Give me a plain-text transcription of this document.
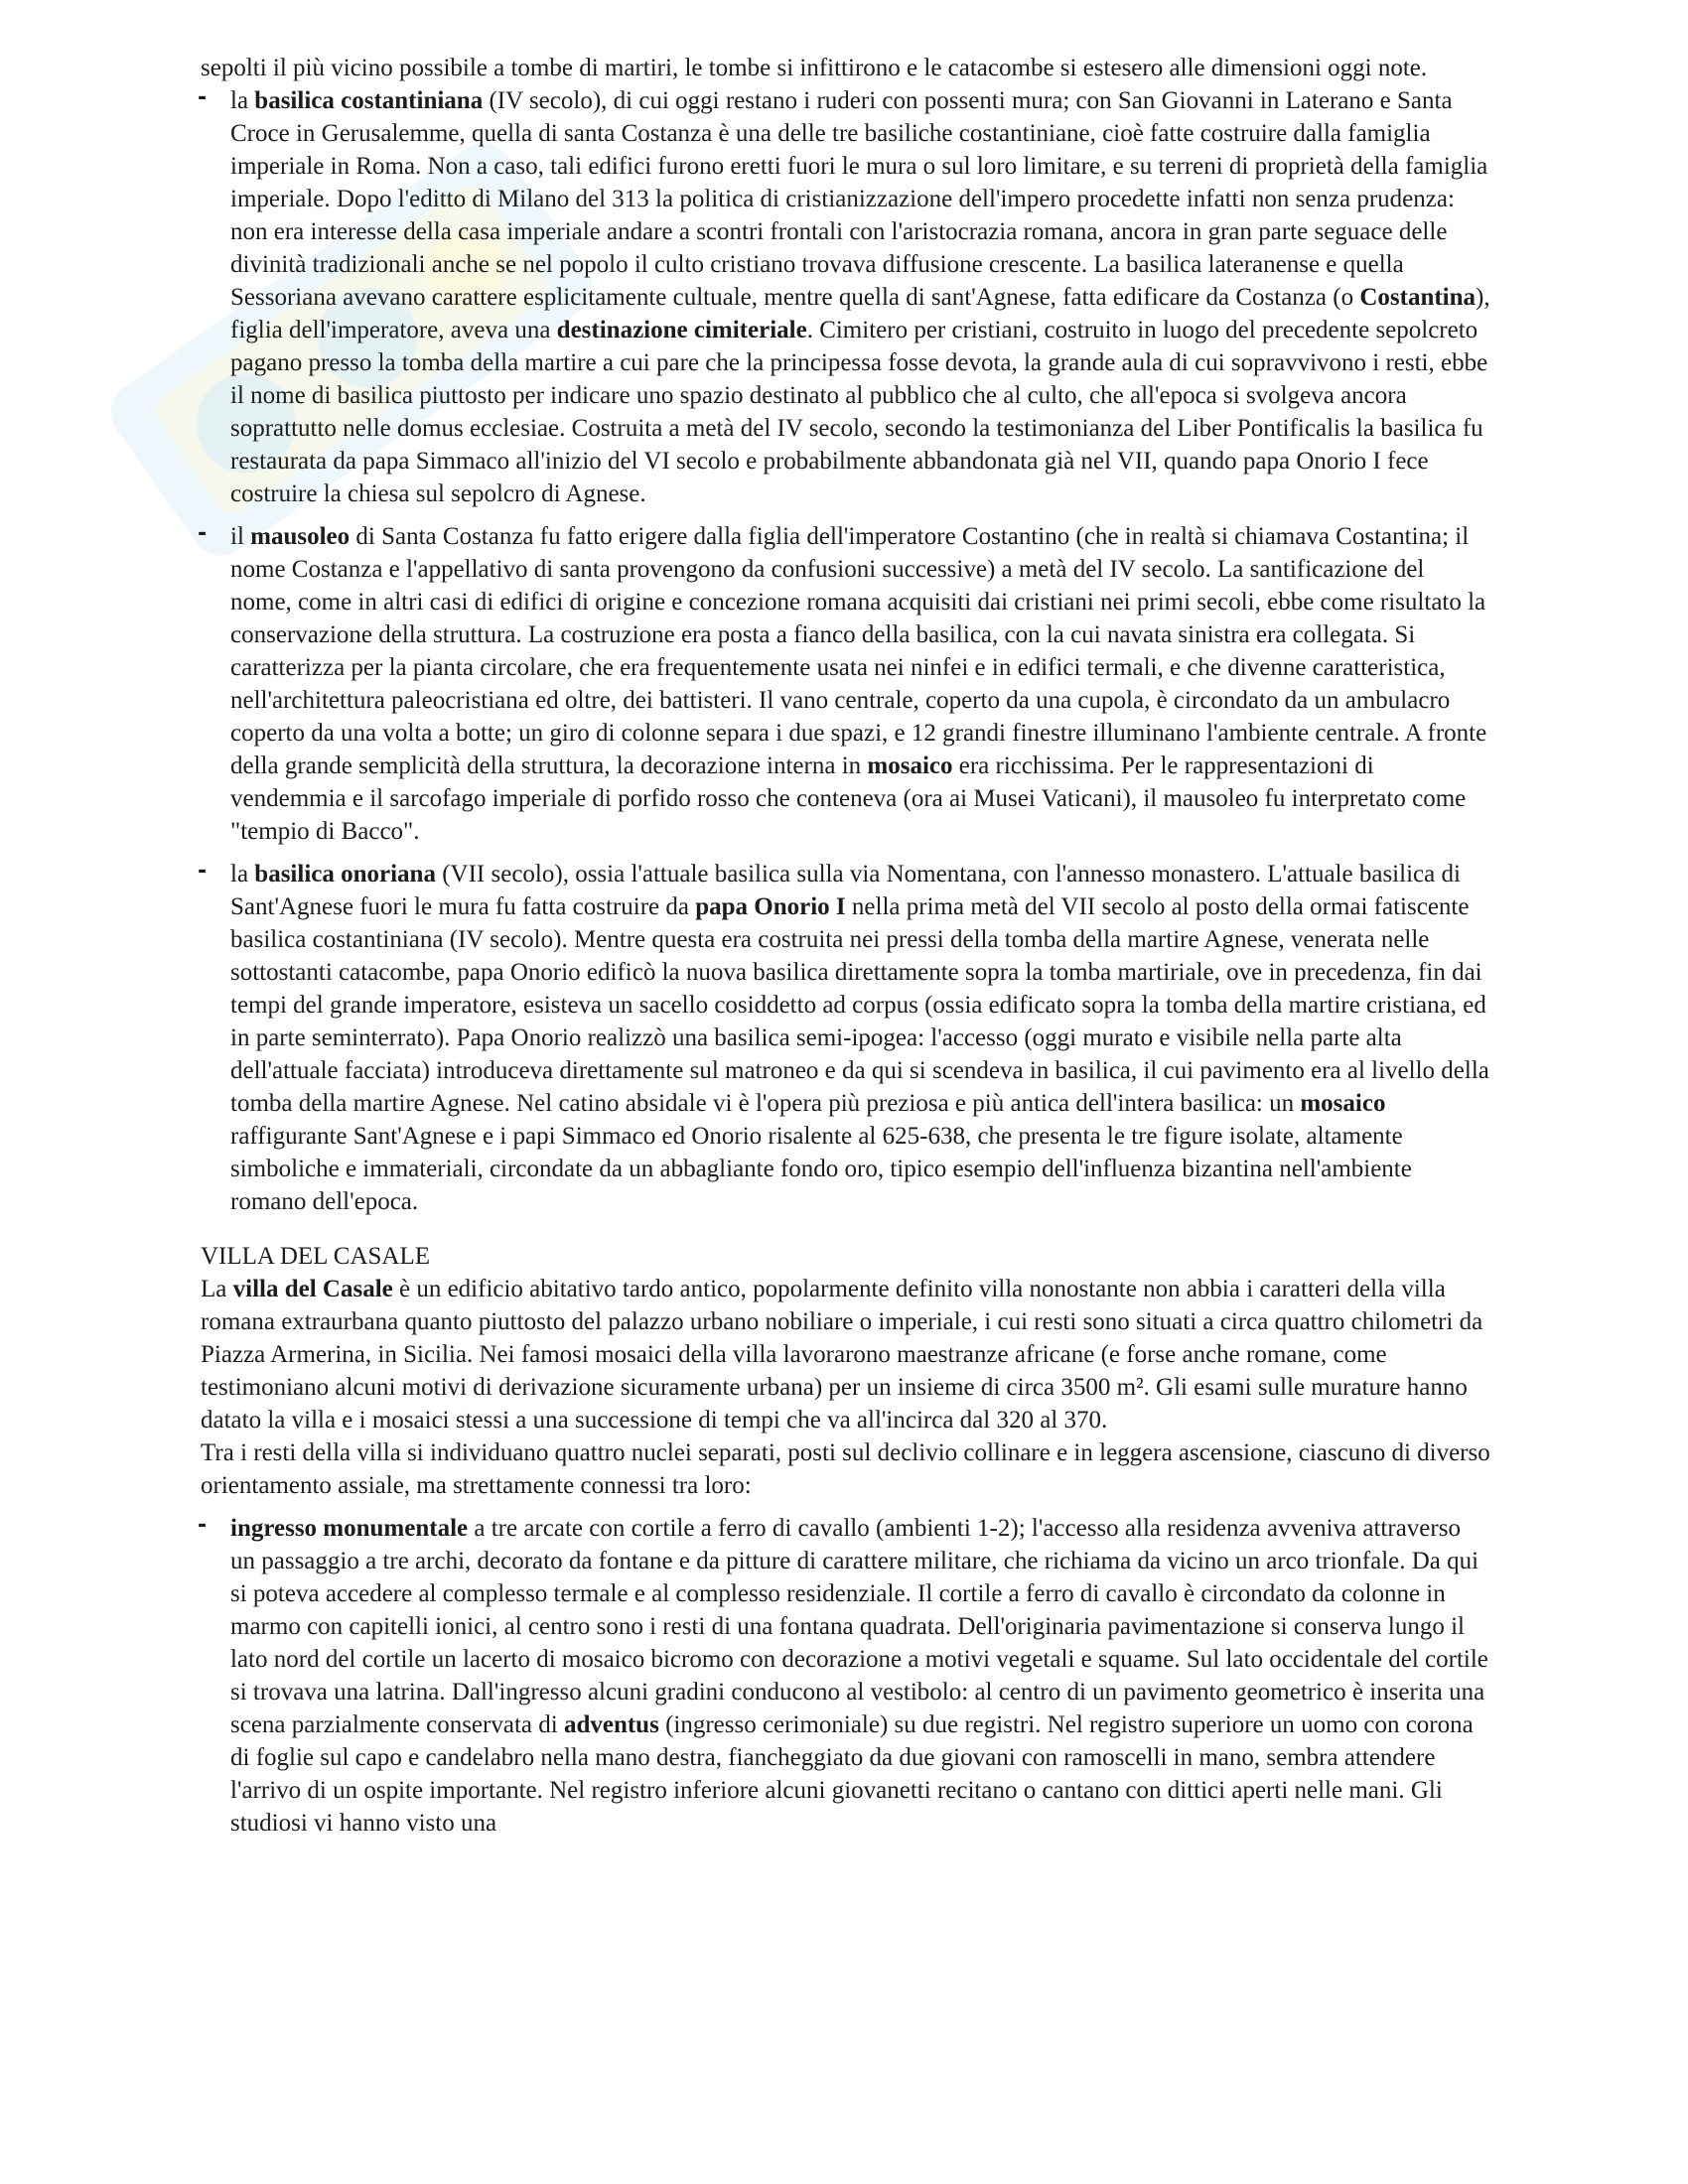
sepolti il più vicino possibile a tombe di martiri, le tombe si infittirono e le catacombe si estesero alle dimensioni oggi note.

- la basilica costantiniana (IV secolo), di cui oggi restano i ruderi con possenti mura; con San Giovanni in Laterano e Santa Croce in Gerusalemme, quella di santa Costanza è una delle tre basiliche costantiniane, cioè fatte costruire dalla famiglia imperiale in Roma. Non a caso, tali edifici furono eretti fuori le mura o sul loro limitare, e su terreni di proprietà della famiglia imperiale. Dopo l'editto di Milano del 313 la politica di cristianizzazione dell'impero procedette infatti non senza prudenza: non era interesse della casa imperiale andare a scontri frontali con l'aristocrazia romana, ancora in gran parte seguace delle divinità tradizionali anche se nel popolo il culto cristiano trovava diffusione crescente. La basilica lateranense e quella Sessoriana avevano carattere esplicitamente cultuale, mentre quella di sant'Agnese, fatta edificare da Costanza (o Costantina), figlia dell'imperatore, aveva una destinazione cimiteriale. Cimitero per cristiani, costruito in luogo del precedente sepolcreto pagano presso la tomba della martire a cui pare che la principessa fosse devota, la grande aula di cui sopravvivono i resti, ebbe il nome di basilica piuttosto per indicare uno spazio destinato al pubblico che al culto, che all'epoca si svolgeva ancora soprattutto nelle domus ecclesiae. Costruita a metà del IV secolo, secondo la testimonianza del Liber Pontificalis la basilica fu restaurata da papa Simmaco all'inizio del VI secolo e probabilmente abbandonata già nel VII, quando papa Onorio I fece costruire la chiesa sul sepolcro di Agnese.
- il mausoleo di Santa Costanza fu fatto erigere dalla figlia dell'imperatore Costantino (che in realtà si chiamava Costantina; il nome Costanza e l'appellativo di santa provengono da confusioni successive) a metà del IV secolo. La santificazione del nome, come in altri casi di edifici di origine e concezione romana acquisiti dai cristiani nei primi secoli, ebbe come risultato la conservazione della struttura. La costruzione era posta a fianco della basilica, con la cui navata sinistra era collegata. Si caratterizza per la pianta circolare, che era frequentemente usata nei ninfei e in edifici termali, e che divenne caratteristica, nell'architettura paleocristiana ed oltre, dei battisteri. Il vano centrale, coperto da una cupola, è circondato da un ambulacro coperto da una volta a botte; un giro di colonne separa i due spazi, e 12 grandi finestre illuminano l'ambiente centrale. A fronte della grande semplicità della struttura, la decorazione interna in mosaico era ricchissima. Per le rappresentazioni di vendemmia e il sarcofago imperiale di porfido rosso che conteneva (ora ai Musei Vaticani), il mausoleo fu interpretato come "tempio di Bacco".
- la basilica onoriana (VII secolo), ossia l'attuale basilica sulla via Nomentana, con l'annesso monastero. L'attuale basilica di Sant'Agnese fuori le mura fu fatta costruire da papa Onorio I nella prima metà del VII secolo al posto della ormai fatiscente basilica costantiniana (IV secolo). Mentre questa era costruita nei pressi della tomba della martire Agnese, venerata nelle sottostanti catacombe, papa Onorio edificò la nuova basilica direttamente sopra la tomba martiriale, ove in precedenza, fin dai tempi del grande imperatore, esisteva un sacello cosiddetto ad corpus (ossia edificato sopra la tomba della martire cristiana, ed in parte seminterrato). Papa Onorio realizzò una basilica semi-ipogea: l'accesso (oggi murato e visibile nella parte alta dell'attuale facciata) introduceva direttamente sul matroneo e da qui si scendeva in basilica, il cui pavimento era al livello della tomba della martire Agnese. Nel catino absidale vi è l'opera più preziosa e più antica dell'intera basilica: un mosaico raffigurante Sant'Agnese e i papi Simmaco ed Onorio risalente al 625-638, che presenta le tre figure isolate, altamente simboliche e immateriali, circondate da un abbagliante fondo oro, tipico esempio dell'influenza bizantina nell'ambiente romano dell'epoca.
VILLA DEL CASALE

La villa del Casale è un edificio abitativo tardo antico, popolarmente definito villa nonostante non abbia i caratteri della villa romana extraurbana quanto piuttosto del palazzo urbano nobiliare o imperiale, i cui resti sono situati a circa quattro chilometri da Piazza Armerina, in Sicilia. Nei famosi mosaici della villa lavorarono maestranze africane (e forse anche romane, come testimoniano alcuni motivi di derivazione sicuramente urbana) per un insieme di circa 3500 m². Gli esami sulle murature hanno datato la villa e i mosaici stessi a una successione di tempi che va all'incirca dal 320 al 370.

Tra i resti della villa si individuano quattro nuclei separati, posti sul declivio collinare e in leggera ascensione, ciascuno di diverso orientamento assiale, ma strettamente connessi tra loro:

- ingresso monumentale a tre arcate con cortile a ferro di cavallo (ambienti 1-2); l'accesso alla residenza avveniva attraverso un passaggio a tre archi, decorato da fontane e da pitture di carattere militare, che richiama da vicino un arco trionfale. Da qui si poteva accedere al complesso termale e al complesso residenziale. Il cortile a ferro di cavallo è circondato da colonne in marmo con capitelli ionici, al centro sono i resti di una fontana quadrata. Dell'originaria pavimentazione si conserva lungo il lato nord del cortile un lacerto di mosaico bicromo con decorazione a motivi vegetali e squame. Sul lato occidentale del cortile si trovava una latrina. Dall'ingresso alcuni gradini conducono al vestibolo: al centro di un pavimento geometrico è inserita una scena parzialmente conservata di adventus (ingresso cerimoniale) su due registri. Nel registro superiore un uomo con corona di foglie sul capo e candelabro nella mano destra, fiancheggiato da due giovani con ramoscelli in mano, sembra attendere l'arrivo di un ospite importante. Nel registro inferiore alcuni giovanetti recitano o cantano con dittici aperti nelle mani. Gli studiosi vi hanno visto una
